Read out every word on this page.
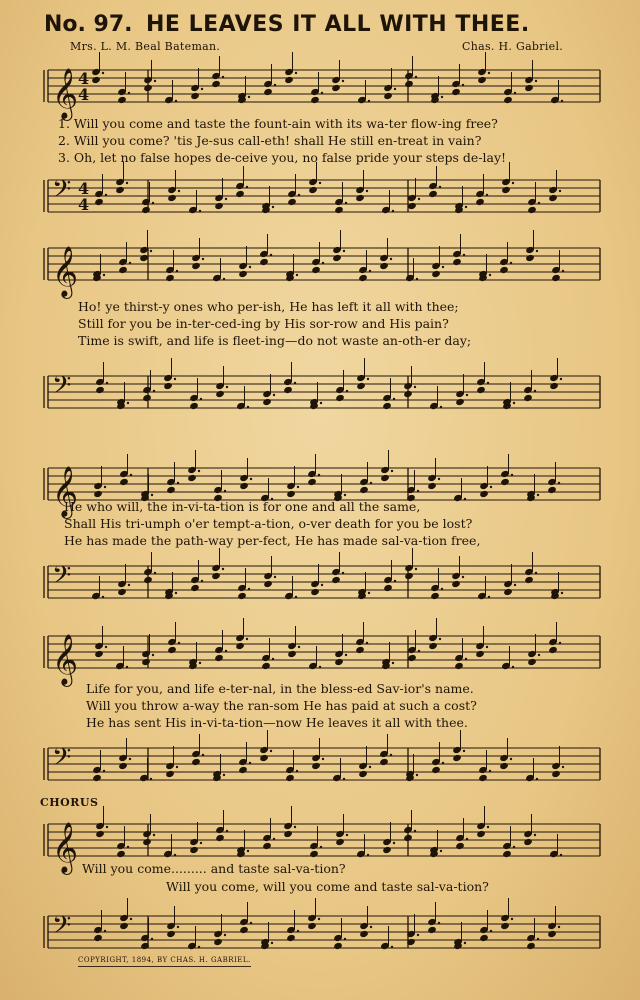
No. 97. HE LEAVES IT ALL WITH THEE.
Mrs. L. M. Beal Bateman.	Chas. H. Gabriel.
𝄞 4
4
1. Will you come and taste the fount-ain with its wa-ter flow-ing free?
2. Will you come? 'tis Je-sus call-eth! shall He still en-treat in vain?
3. Oh, let no false hopes de-ceive you, no false pride your steps de-lay!
𝄢 4
4
𝄞
Ho! ye thirst-y ones who per-ish, He has left it all with thee;
Still for you be in-ter-ced-ing by His sor-row and His pain?
Time is swift, and life is fleet-ing—do not waste an-oth-er day;
𝄢
𝄞
He who will, the in-vi-ta-tion is for one and all the same,
Shall His tri-umph o'er tempt-a-tion, o-ver death for you be lost?
He has made the path-way per-fect, He has made sal-va-tion free,
𝄢
𝄞
Life for you, and life e-ter-nal, in the bless-ed Sav-ior's name.
Will you throw a-way the ran-som He has paid at such a cost?
He has sent His in-vi-ta-tion—now He leaves it all with thee.
𝄢
CHORUS
𝄞 Will you come......... and taste sal-va-tion?
Will you come, will you come and taste sal-va-tion?
𝄢
COPYRIGHT, 1894, BY CHAS. H. GABRIEL.
